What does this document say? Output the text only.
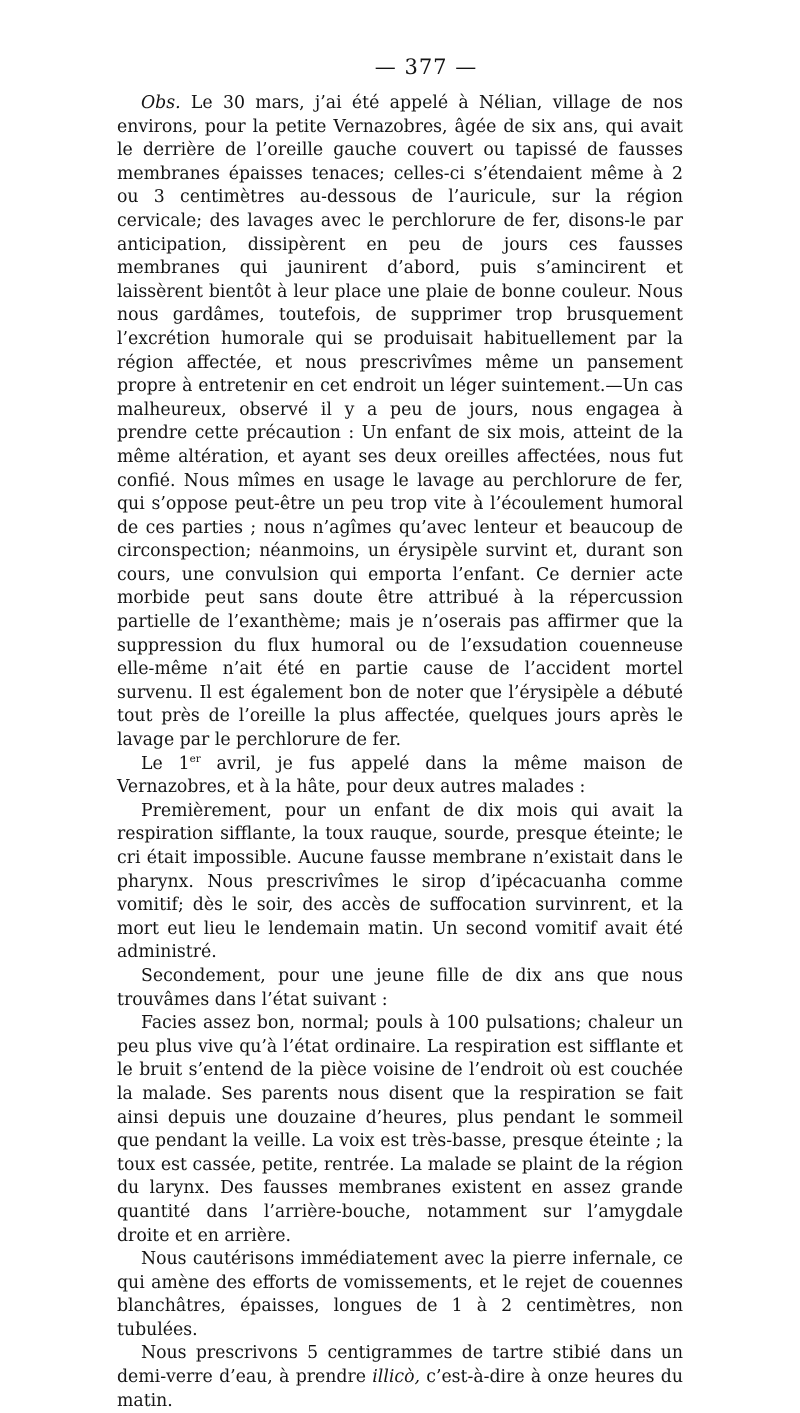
— 377 —

Obs. Le 30 mars, j’ai été appelé à Nélian, village de nos environs, pour la petite Vernazobres, âgée de six ans, qui avait le derrière de l’oreille gauche couvert ou tapissé de fausses membranes épaisses tenaces; celles-ci s’étendaient même à 2 ou 3 centimètres au-dessous de l’auricule, sur la région cervicale; des lavages avec le perchlorure de fer, disons-le par anticipation, dissipèrent en peu de jours ces fausses membranes qui jaunirent d’abord, puis s’amincirent et laissèrent bientôt à leur place une plaie de bonne couleur. Nous nous gardâmes, toutefois, de supprimer trop brusquement l’excrétion humorale qui se produisait habituellement par la région affectée, et nous prescrivîmes même un pansement propre à entretenir en cet endroit un léger suintement.—Un cas malheureux, observé il y a peu de jours, nous engagea à prendre cette précaution : Un enfant de six mois, atteint de la même altération, et ayant ses deux oreilles affectées, nous fut confié. Nous mîmes en usage le lavage au perchlorure de fer, qui s’oppose peut-être un peu trop vite à l’écoulement humoral de ces parties ; nous n’agîmes qu’avec lenteur et beaucoup de circonspection; néanmoins, un érysipèle survint et, durant son cours, une convulsion qui emporta l’enfant. Ce dernier acte morbide peut sans doute être attribué à la répercussion partielle de l’exanthème; mais je n’oserais pas affirmer que la suppression du flux humoral ou de l’exsudation couenneuse elle-même n’ait été en partie cause de l’accident mortel survenu. Il est également bon de noter que l’érysipèle a débuté tout près de l’oreille la plus affectée, quelques jours après le lavage par le perchlorure de fer.

Le 1er avril, je fus appelé dans la même maison de Vernazobres, et à la hâte, pour deux autres malades :

Premièrement, pour un enfant de dix mois qui avait la respiration sifflante, la toux rauque, sourde, presque éteinte; le cri était impossible. Aucune fausse membrane n’existait dans le pharynx. Nous prescrivîmes le sirop d’ipécacuanha comme vomitif; dès le soir, des accès de suffocation survinrent, et la mort eut lieu le lendemain matin. Un second vomitif avait été administré.

Secondement, pour une jeune fille de dix ans que nous trouvâmes dans l’état suivant :

Facies assez bon, normal; pouls à 100 pulsations; chaleur un peu plus vive qu’à l’état ordinaire. La respiration est sifflante et le bruit s’entend de la pièce voisine de l’endroit où est couchée la malade. Ses parents nous disent que la respiration se fait ainsi depuis une douzaine d’heures, plus pendant le sommeil que pendant la veille. La voix est très-basse, presque éteinte ; la toux est cassée, petite, rentrée. La malade se plaint de la région du larynx. Des fausses membranes existent en assez grande quantité dans l’arrière-bouche, notamment sur l’amygdale droite et en arrière.

Nous cautérisons immédiatement avec la pierre infernale, ce qui amène des efforts de vomissements, et le rejet de couennes blanchâtres, épaisses, longues de 1 à 2 centimètres, non tubulées.

Nous prescrivons 5 centigrammes de tartre stibié dans un demi-verre d’eau, à prendre illicò, c’est-à-dire à onze heures du matin.
